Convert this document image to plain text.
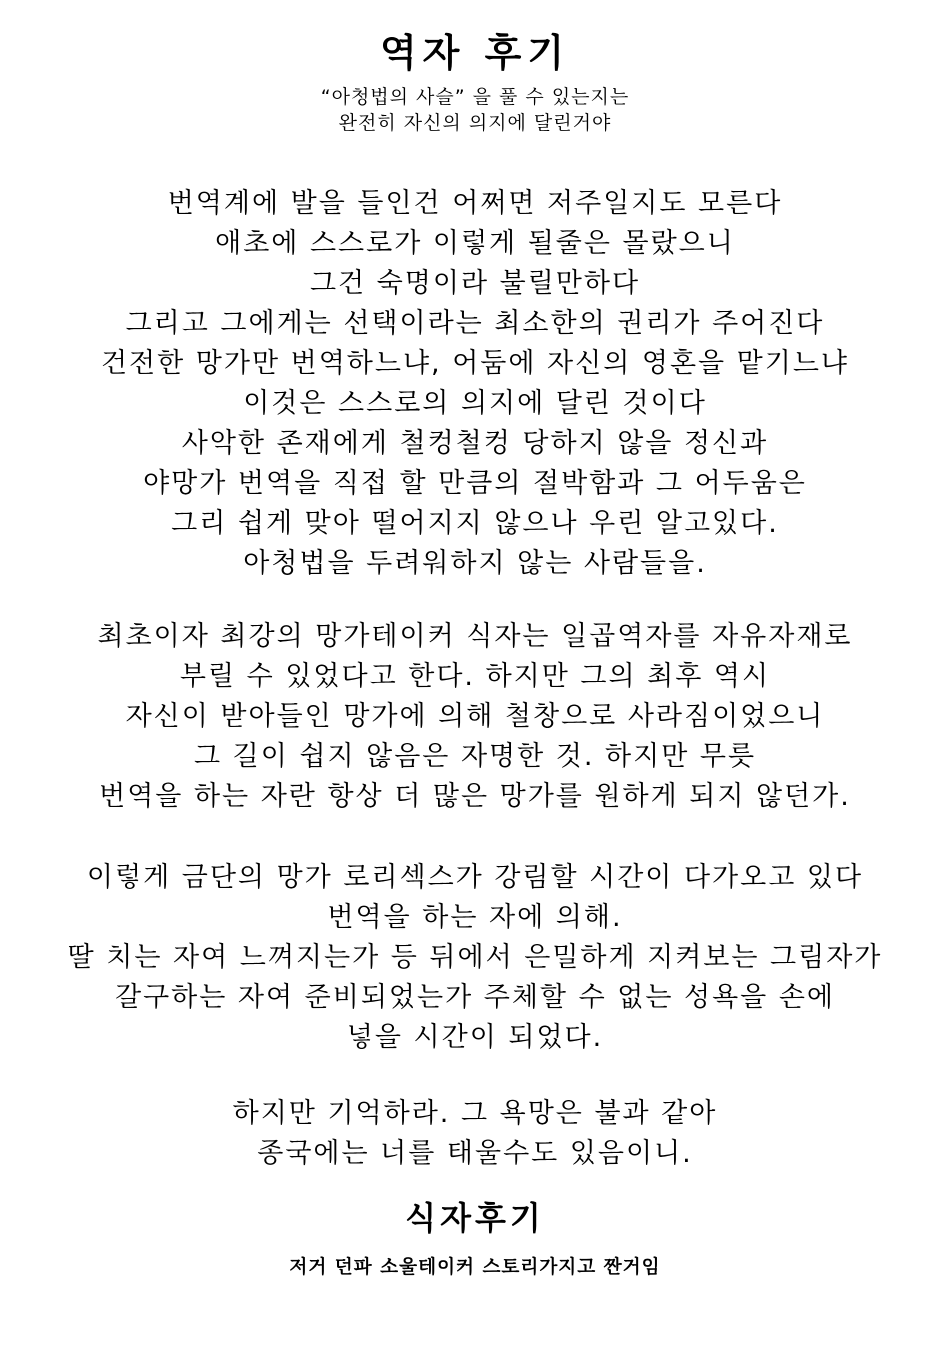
역자 후기
“아청법의 사슬” 을 풀 수 있는지는
완전히 자신의 의지에 달린거야
번역계에 발을 들인건 어쩌면 저주일지도 모른다
애초에 스스로가 이렇게 될줄은 몰랐으니
그건 숙명이라 불릴만하다
그리고 그에게는 선택이라는 최소한의 권리가 주어진다
건전한 망가만 번역하느냐, 어둠에 자신의 영혼을 맡기느냐
이것은 스스로의 의지에 달린 것이다
사악한 존재에게 철컹철컹 당하지 않을 정신과
야망가 번역을 직접 할 만큼의 절박함과 그 어두움은
그리 쉽게 맞아 떨어지지 않으나 우린 알고있다.
아청법을 두려워하지 않는 사람들을.
최초이자 최강의 망가테이커 식자는 일곱역자를 자유자재로
부릴 수 있었다고 한다. 하지만 그의 최후 역시
자신이 받아들인 망가에 의해 철창으로 사라짐이었으니
그 길이 쉽지 않음은 자명한 것. 하지만 무릇
번역을 하는 자란 항상 더 많은 망가를 원하게 되지 않던가.
이렇게 금단의 망가 로리섹스가 강림할 시간이 다가오고 있다
번역을 하는 자에 의해.
딸 치는 자여 느껴지는가 등 뒤에서 은밀하게 지켜보는 그림자가
갈구하는 자여 준비되었는가 주체할 수 없는 성욕을 손에
넣을 시간이 되었다.
하지만 기억하라. 그 욕망은 불과 같아
종국에는 너를 태울수도 있음이니.
식자후기
저거 던파 소울테이커 스토리가지고 짠거임
